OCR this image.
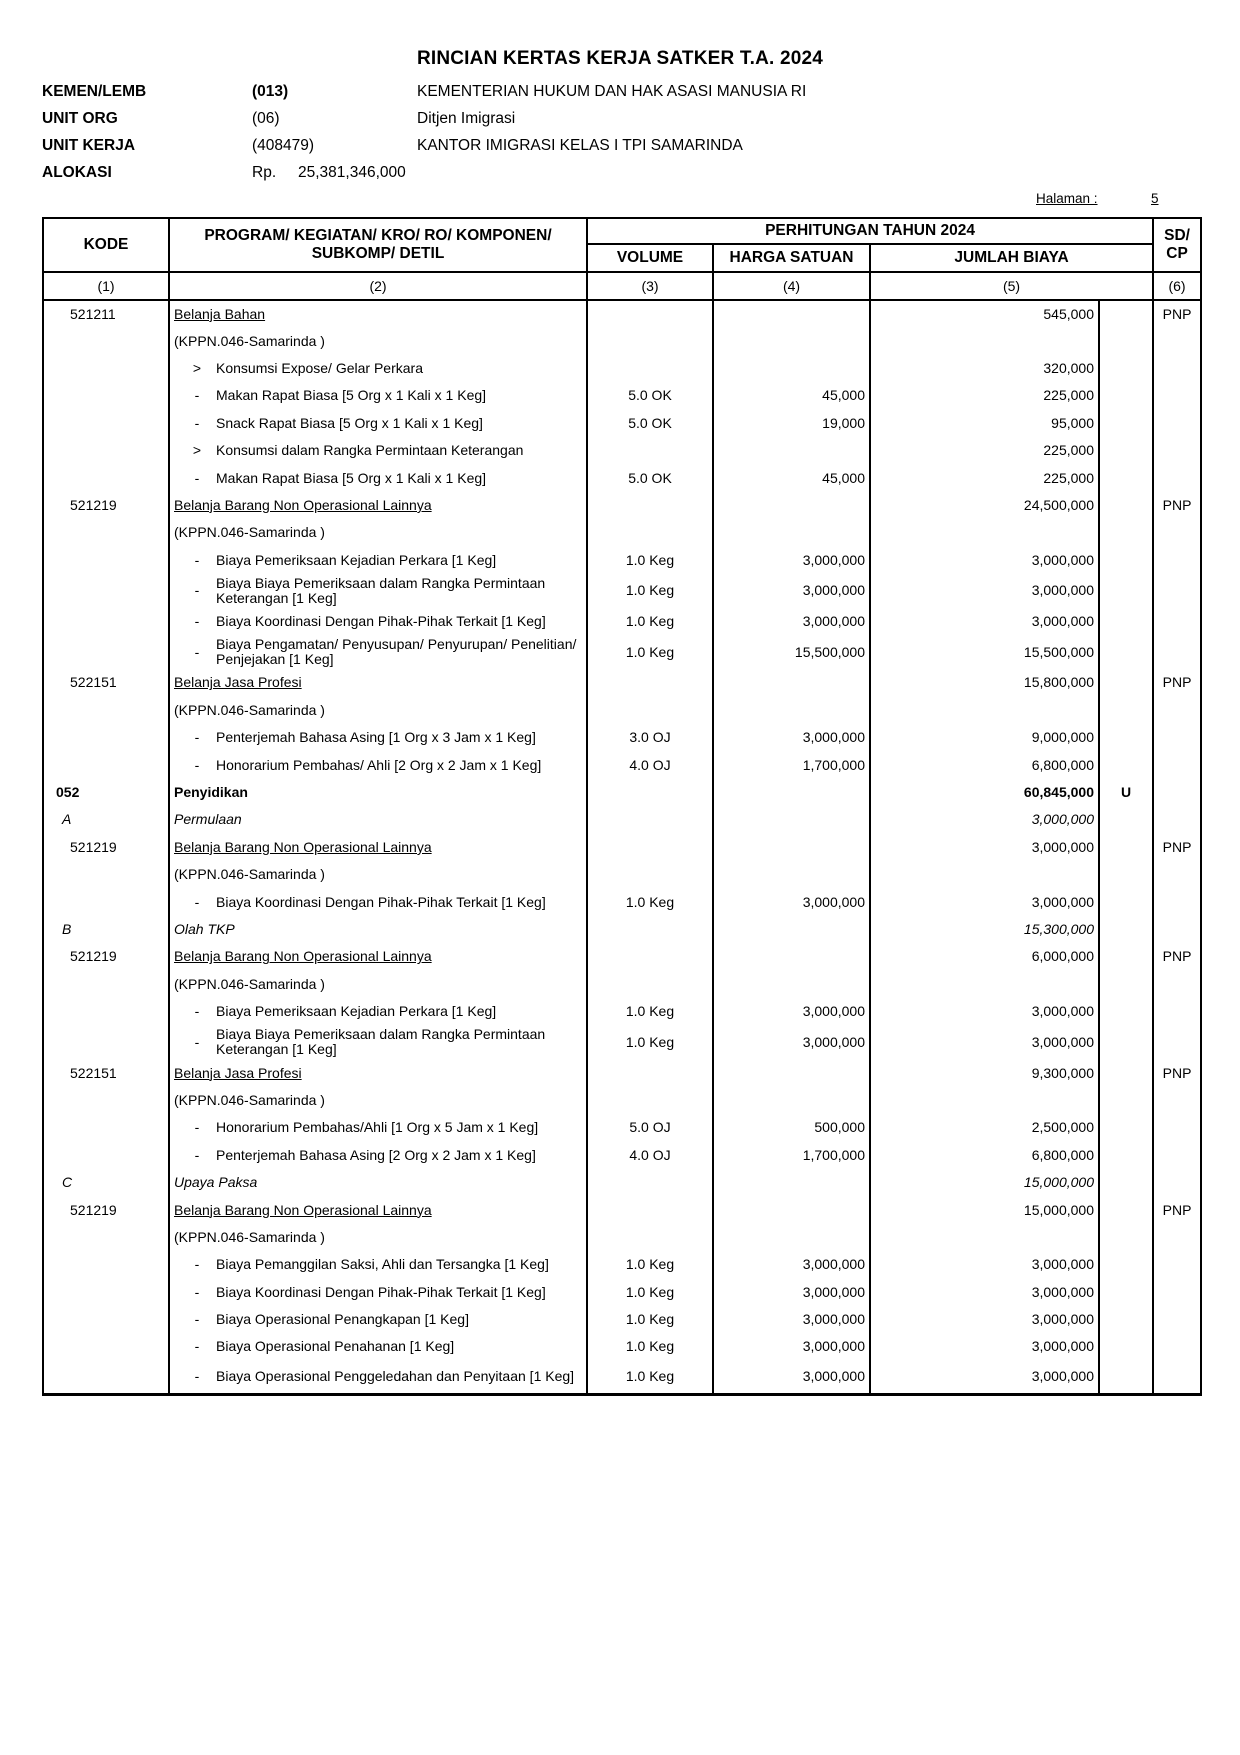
RINCIAN KERTAS KERJA SATKER T.A. 2024
KEMEN/LEMB	(013)	KEMENTERIAN HUKUM DAN HAK ASASI MANUSIA RI
UNIT ORG	(06)	Ditjen Imigrasi
UNIT KERJA	(408479)	KANTOR IMIGRASI KELAS I TPI SAMARINDA
ALOKASI	Rp. 25,381,346,000
Halaman :	5
KODE	PROGRAM/ KEGIATAN/ KRO/ RO/ KOMPONEN/ SUBKOMP/ DETIL	PERHITUNGAN TAHUN 2024				SD/ CP
		VOLUME	HARGA SATUAN	JUMLAH BIAYA		
(1)	(2)	(3)	(4)	(5)		(6)
521211	Belanja Bahan			545,000		PNP
	(KPPN.046-Samarinda )					

	> Konsumsi Expose/ Gelar Perkara			320,000		

	- Makan Rapat Biasa [5 Org x 1 Kali x 1 Keg]	5.0 OK	45,000	225,000		

	- Snack Rapat Biasa [5 Org x 1 Kali x 1 Keg]	5.0 OK	19,000	95,000		

	> Konsumsi dalam Rangka Permintaan Keterangan			225,000		

	- Makan Rapat Biasa [5 Org x 1 Kali x 1 Keg]	5.0 OK	45,000	225,000		
521219	Belanja Barang Non Operasional Lainnya			24,500,000		PNP
	(KPPN.046-Samarinda )					

	- Biaya Pemeriksaan Kejadian Perkara [1 Keg]	1.0 Keg	3,000,000	3,000,000		

	- Biaya Biaya Pemeriksaan dalam Rangka Permintaan Keterangan [1 Keg]	1.0 Keg	3,000,000	3,000,000		

	- Biaya Koordinasi Dengan Pihak-Pihak Terkait [1 Keg]	1.0 Keg	3,000,000	3,000,000		

	- Biaya Pengamatan/ Penyusupan/ Penyurupan/ Penelitian/ Penjejakan [1 Keg]	1.0 Keg	15,500,000	15,500,000		
522151	Belanja Jasa Profesi			15,800,000		PNP
	(KPPN.046-Samarinda )					

	- Penterjemah Bahasa Asing [1 Org x 3 Jam x 1 Keg]	3.0 OJ	3,000,000	9,000,000		

	- Honorarium Pembahas/ Ahli [2 Org x 2 Jam x 1 Keg]	4.0 OJ	1,700,000	6,800,000		
052	Penyidikan			60,845,000	U	
A	Permulaan			3,000,000		
521219	Belanja Barang Non Operasional Lainnya			3,000,000		PNP
	(KPPN.046-Samarinda )					

	- Biaya Koordinasi Dengan Pihak-Pihak Terkait [1 Keg]	1.0 Keg	3,000,000	3,000,000		
B	Olah TKP			15,300,000		
521219	Belanja Barang Non Operasional Lainnya			6,000,000		PNP
	(KPPN.046-Samarinda )					

	- Biaya Pemeriksaan Kejadian Perkara [1 Keg]	1.0 Keg	3,000,000	3,000,000		

	- Biaya Biaya Pemeriksaan dalam Rangka Permintaan Keterangan [1 Keg]	1.0 Keg	3,000,000	3,000,000		
522151	Belanja Jasa Profesi			9,300,000		PNP
	(KPPN.046-Samarinda )					

	- Honorarium Pembahas/Ahli [1 Org x 5 Jam x 1 Keg]	5.0 OJ	500,000	2,500,000		

	- Penterjemah Bahasa Asing [2 Org x 2 Jam x 1 Keg]	4.0 OJ	1,700,000	6,800,000		
C	Upaya Paksa			15,000,000		
521219	Belanja Barang Non Operasional Lainnya			15,000,000		PNP
	(KPPN.046-Samarinda )					

	- Biaya Pemanggilan Saksi, Ahli dan Tersangka [1 Keg]	1.0 Keg	3,000,000	3,000,000		

	- Biaya Koordinasi Dengan Pihak-Pihak Terkait [1 Keg]	1.0 Keg	3,000,000	3,000,000		

	- Biaya Operasional Penangkapan [1 Keg]	1.0 Keg	3,000,000	3,000,000		

	- Biaya Operasional Penahanan [1 Keg]	1.0 Keg	3,000,000	3,000,000		

	- Biaya Operasional Penggeledahan dan Penyitaan [1 Keg]	1.0 Keg	3,000,000	3,000,000		
